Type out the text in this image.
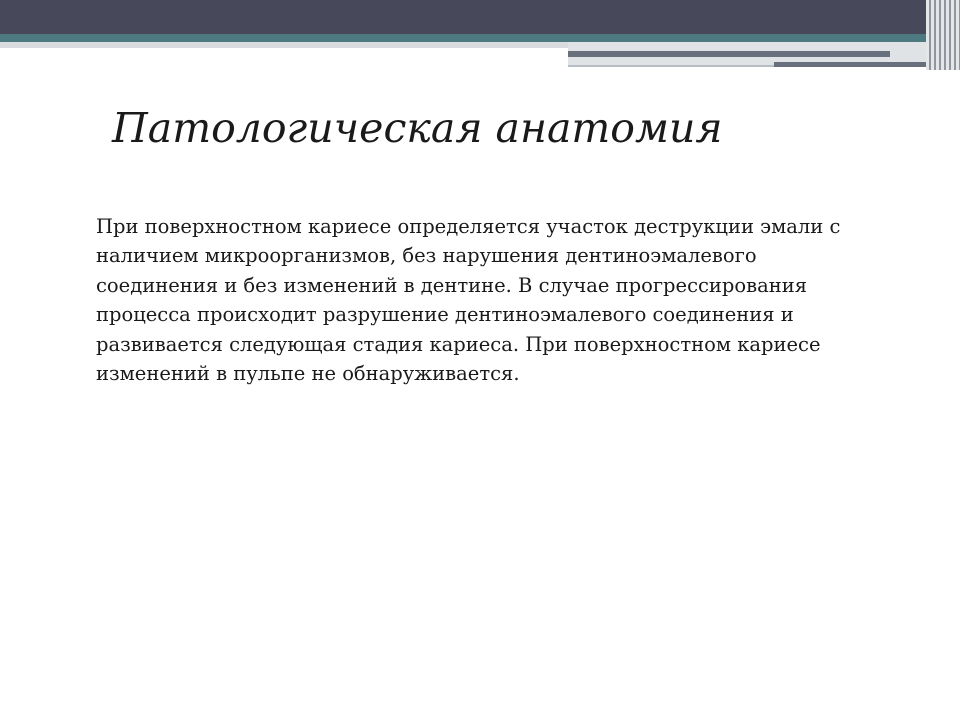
Патологическая анатомия

При поверхностном кариесе определяется участок деструкции эмали с наличием микроорганизмов, без нарушения дентиноэмалевого соединения и без изменений в дентине. В случае прогрессирования процесса происходит разрушение дентиноэмалевого соединения и развивается следующая стадия кариеса. При поверхностном кариесе изменений в пульпе не обнаруживается.
